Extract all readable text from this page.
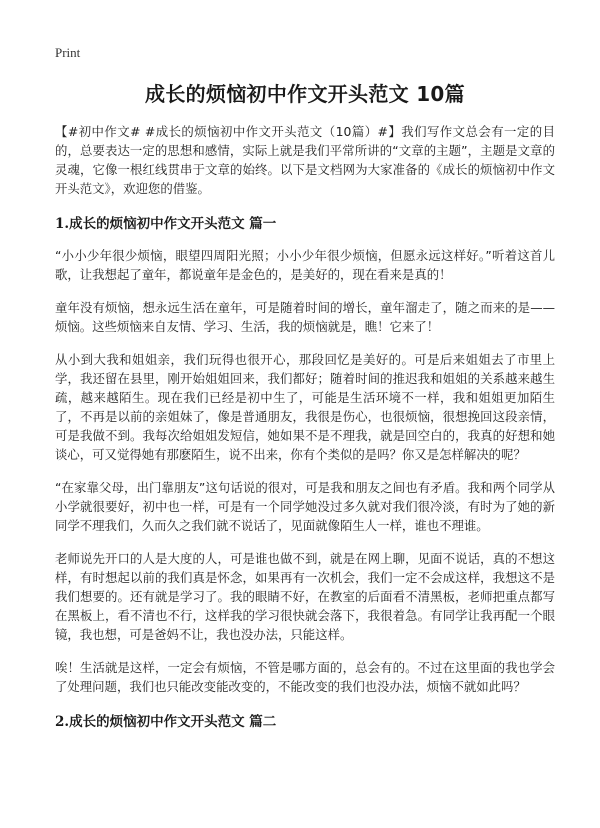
Print
成长的烦恼初中作文开头范文 10篇

【#初中作文# #成长的烦恼初中作文开头范文（10篇）#】我们写作文总会有一定的目的，总要表达一定的思想和感情，实际上就是我们平常所讲的“文章的主题”，主题是文章的灵魂，它像一根红线贯串于文章的始终。以下是文档网为大家准备的《成长的烦恼初中作文开头范文》，欢迎您的借鉴。

1.成长的烦恼初中作文开头范文 篇一

“小小少年很少烦恼，眼望四周阳光照；小小少年很少烦恼，但愿永远这样好。”听着这首儿歌，让我想起了童年，都说童年是金色的，是美好的，现在看来是真的！

童年没有烦恼，想永远生活在童年，可是随着时间的增长，童年溜走了，随之而来的是——烦恼。这些烦恼来自友情、学习、生活，我的烦恼就是，瞧！它来了！

从小到大我和姐姐亲，我们玩得也很开心，那段回忆是美好的。可是后来姐姐去了市里上学，我还留在县里，刚开始姐姐回来，我们都好；随着时间的推迟我和姐姐的关系越来越生疏，越来越陌生。现在我们已经是初中生了，可能是生活环境不一样，我和姐姐更加陌生了，不再是以前的亲姐妹了，像是普通朋友，我很是伤心，也很烦恼，很想挽回这段亲情，可是我做不到。我每次给姐姐发短信，她如果不是不理我，就是回空白的，我真的好想和她谈心，可又觉得她有那麽陌生，说不出来，你有个类似的是吗？你又是怎样解决的呢？

“在家靠父母，出门靠朋友”这句话说的很对，可是我和朋友之间也有矛盾。我和两个同学从小学就很要好，初中也一样，可是有一个同学她没过多久就对我们很冷淡，有时为了她的新同学不理我们，久而久之我们就不说话了，见面就像陌生人一样，谁也不理谁。

老师说先开口的人是大度的人，可是谁也做不到，就是在网上聊，见面不说话，真的不想这样，有时想起以前的我们真是怀念，如果再有一次机会，我们一定不会成这样，我想这不是我们想要的。还有就是学习了。我的眼睛不好，在教室的后面看不清黑板，老师把重点都写在黑板上，看不清也不行，这样我的学习很快就会落下，我很着急。有同学让我再配一个眼镜，我也想，可是爸妈不让，我也没办法，只能这样。

唉！生活就是这样，一定会有烦恼，不管是哪方面的，总会有的。不过在这里面的我也学会了处理问题，我们也只能改变能改变的，不能改变的我们也没办法，烦恼不就如此吗？

2.成长的烦恼初中作文开头范文 篇二
